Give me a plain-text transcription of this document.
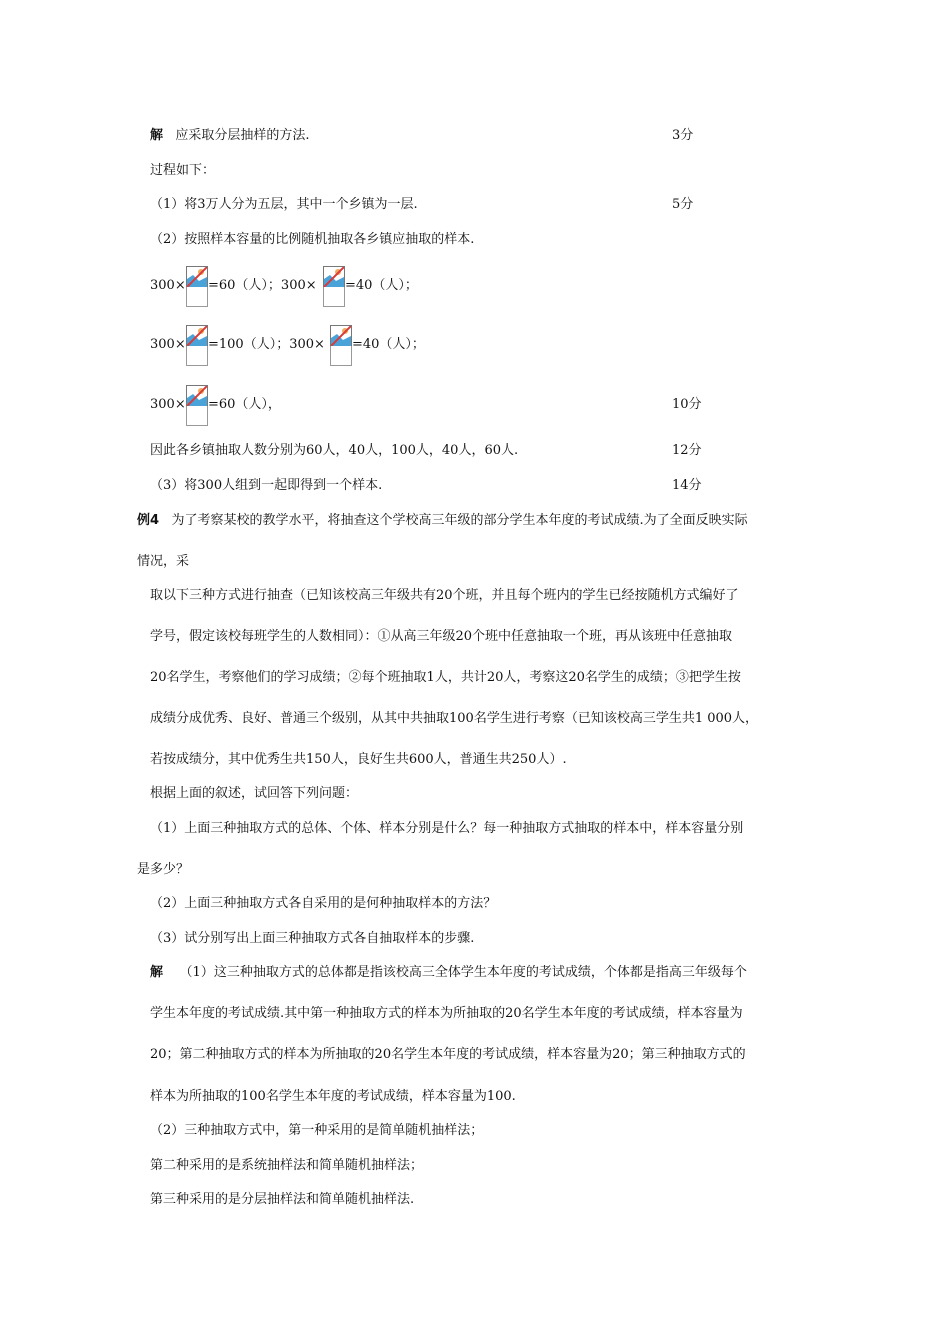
解 应采取分层抽样的方法.	3分
过程如下：
（1）将3万人分为五层，其中一个乡镇为一层.	5分
（2）按照样本容量的比例随机抽取各乡镇应抽取的样本.
300× =60（人）；300× =40（人）；
300× =100（人）；300× =40（人）；
300× =60（人），	10分
因此各乡镇抽取人数分别为60人，40人，100人，40人，60人.	12分
（3）将300人组到一起即得到一个样本.	14分
例4 为了考察某校的教学水平，将抽查这个学校高三年级的部分学生本年度的考试成绩.为了全面反映实际
情况，采
取以下三种方式进行抽查（已知该校高三年级共有20个班，并且每个班内的学生已经按随机方式编好了
学号，假定该校每班学生的人数相同）：①从高三年级20个班中任意抽取一个班，再从该班中任意抽取
20名学生，考察他们的学习成绩；②每个班抽取1人，共计20人，考察这20名学生的成绩；③把学生按
成绩分成优秀、良好、普通三个级别，从其中共抽取100名学生进行考察（已知该校高三学生共1 000人，
若按成绩分，其中优秀生共150人，良好生共600人，普通生共250人）.
根据上面的叙述，试回答下列问题：
（1）上面三种抽取方式的总体、个体、样本分别是什么？每一种抽取方式抽取的样本中，样本容量分别
是多少？
（2）上面三种抽取方式各自采用的是何种抽取样本的方法？
（3）试分别写出上面三种抽取方式各自抽取样本的步骤.
解 （1）这三种抽取方式的总体都是指该校高三全体学生本年度的考试成绩，个体都是指高三年级每个
学生本年度的考试成绩.其中第一种抽取方式的样本为所抽取的20名学生本年度的考试成绩，样本容量为
20；第二种抽取方式的样本为所抽取的20名学生本年度的考试成绩，样本容量为20；第三种抽取方式的
样本为所抽取的100名学生本年度的考试成绩，样本容量为100.
（2）三种抽取方式中，第一种采用的是简单随机抽样法；
第二种采用的是系统抽样法和简单随机抽样法；
第三种采用的是分层抽样法和简单随机抽样法.
